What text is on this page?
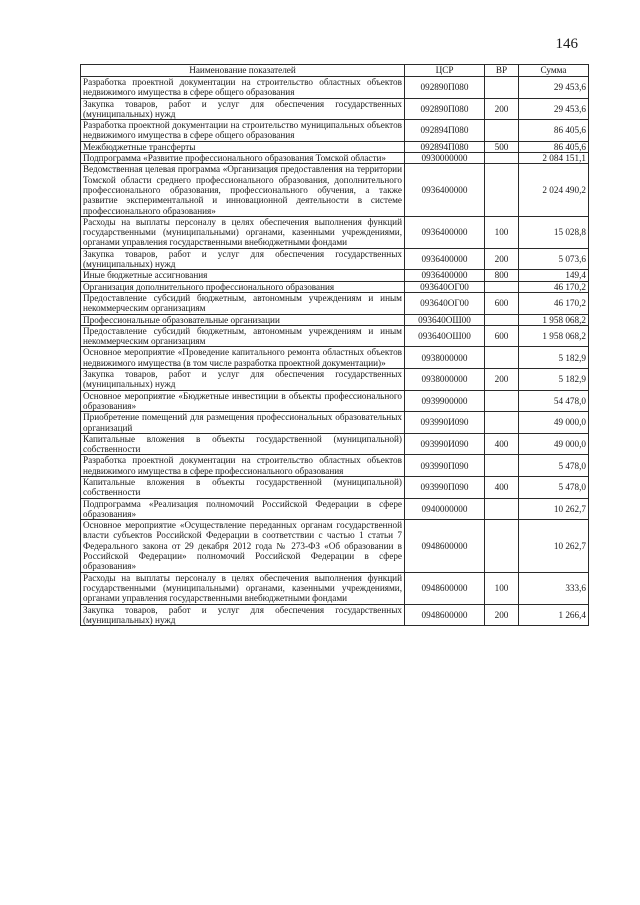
146
Наименование показателей	ЦСР	ВР	Сумма
Разработка проектной документации на строительство областных объектов недвижимого имущества в сфере общего образования	092890П080		29 453,6
Закупка товаров, работ и услуг для обеспечения государственных (муниципальных) нужд	092890П080	200	29 453,6
Разработка проектной документации на строительство муниципальных объектов недвижимого имущества в сфере общего образования	092894П080		86 405,6
Межбюджетные трансферты	092894П080	500	86 405,6
Подпрограмма «Развитие профессионального образования Томской области»	0930000000		2 084 151,1
Ведомственная целевая программа «Организация предоставления на территории Томской области среднего профессионального образования, дополнительного профессионального образования, профессионального обучения, а также развитие экспериментальной и инновационной деятельности в системе профессионального образования»	0936400000		2 024 490,2
Расходы на выплаты персоналу в целях обеспечения выполнения функций государственными (муниципальными) органами, казенными учреждениями, органами управления государственными внебюджетными фондами	0936400000	100	15 028,8
Закупка товаров, работ и услуг для обеспечения государственных (муниципальных) нужд	0936400000	200	5 073,6
Иные бюджетные ассигнования	0936400000	800	149,4
Организация дополнительного профессионального образования	093640ОГ00		46 170,2
Предоставление субсидий бюджетным, автономным учреждениям и иным некоммерческим организациям	093640ОГ00	600	46 170,2
Профессиональные образовательные организации	093640ОШ00		1 958 068,2
Предоставление субсидий бюджетным, автономным учреждениям и иным некоммерческим организациям	093640ОШ00	600	1 958 068,2
Основное мероприятие «Проведение капитального ремонта областных объектов недвижимого имущества (в том числе разработка проектной документации)»	0938000000		5 182,9
Закупка товаров, работ и услуг для обеспечения государственных (муниципальных) нужд	0938000000	200	5 182,9
Основное мероприятие «Бюджетные инвестиции в объекты профессионального образования»	0939900000		54 478,0
Приобретение помещений для размещения профессиональных образовательных организаций	093990И090		49 000,0
Капитальные вложения в объекты государственной (муниципальной) собственности	093990И090	400	49 000,0
Разработка проектной документации на строительство областных объектов недвижимого имущества в сфере профессионального образования	093990П090		5 478,0
Капитальные вложения в объекты государственной (муниципальной) собственности	093990П090	400	5 478,0
Подпрограмма «Реализация полномочий Российской Федерации в сфере образования»	0940000000		10 262,7
Основное мероприятие «Осуществление переданных органам государственной власти субъектов Российской Федерации в соответствии с частью 1 статьи 7 Федерального закона от 29 декабря 2012 года № 273-ФЗ «Об образовании в Российской Федерации» полномочий Российской Федерации в сфере образования»	0948600000		10 262,7
Расходы на выплаты персоналу в целях обеспечения выполнения функций государственными (муниципальными) органами, казенными учреждениями, органами управления государственными внебюджетными фондами	0948600000	100	333,6
Закупка товаров, работ и услуг для обеспечения государственных (муниципальных) нужд	0948600000	200	1 266,4
